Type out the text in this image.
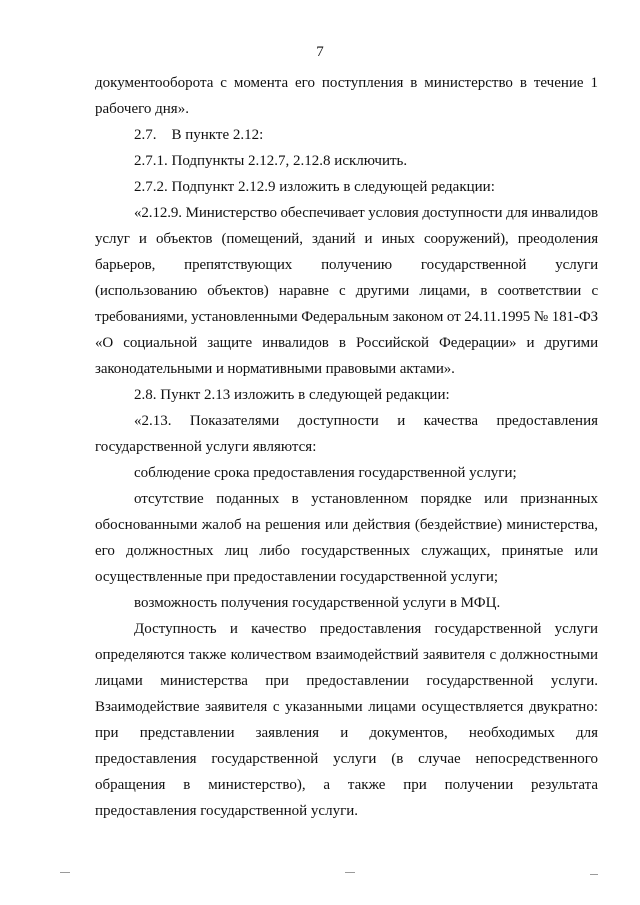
7

документооборота с момента его поступления в министерство в течение 1 рабочего дня».

2.7.    В пункте 2.12:

2.7.1. Подпункты 2.12.7, 2.12.8 исключить.

2.7.2. Подпункт 2.12.9 изложить в следующей редакции:

«2.12.9. Министерство обеспечивает условия доступности для инвалидов услуг и объектов (помещений, зданий и иных сооружений), преодоления барьеров, препятствующих получению государственной услуги (использованию объектов) наравне с другими лицами, в соответствии с требованиями, установленными Федеральным законом от 24.11.1995 № 181-ФЗ «О социальной защите инвалидов в Российской Федерации» и другими законодательными и нормативными правовыми актами».

2.8. Пункт 2.13 изложить в следующей редакции:

«2.13. Показателями доступности и качества предоставления государственной услуги являются:

соблюдение срока предоставления государственной услуги;

отсутствие поданных в установленном порядке или признанных обоснованными жалоб на решения или действия (бездействие) министерства, его должностных лиц либо государственных служащих, принятые или осуществленные при предоставлении государственной услуги;

возможность получения государственной услуги в МФЦ.

Доступность и качество предоставления государственной услуги определяются также количеством взаимодействий заявителя с должностными лицами министерства при предоставлении государственной услуги. Взаимодействие заявителя с указанными лицами осуществляется двукратно: при представлении заявления и документов, необходимых для предоставления государственной услуги (в случае непосредственного обращения в министерство), а также при получении результата предоставления государственной услуги.
